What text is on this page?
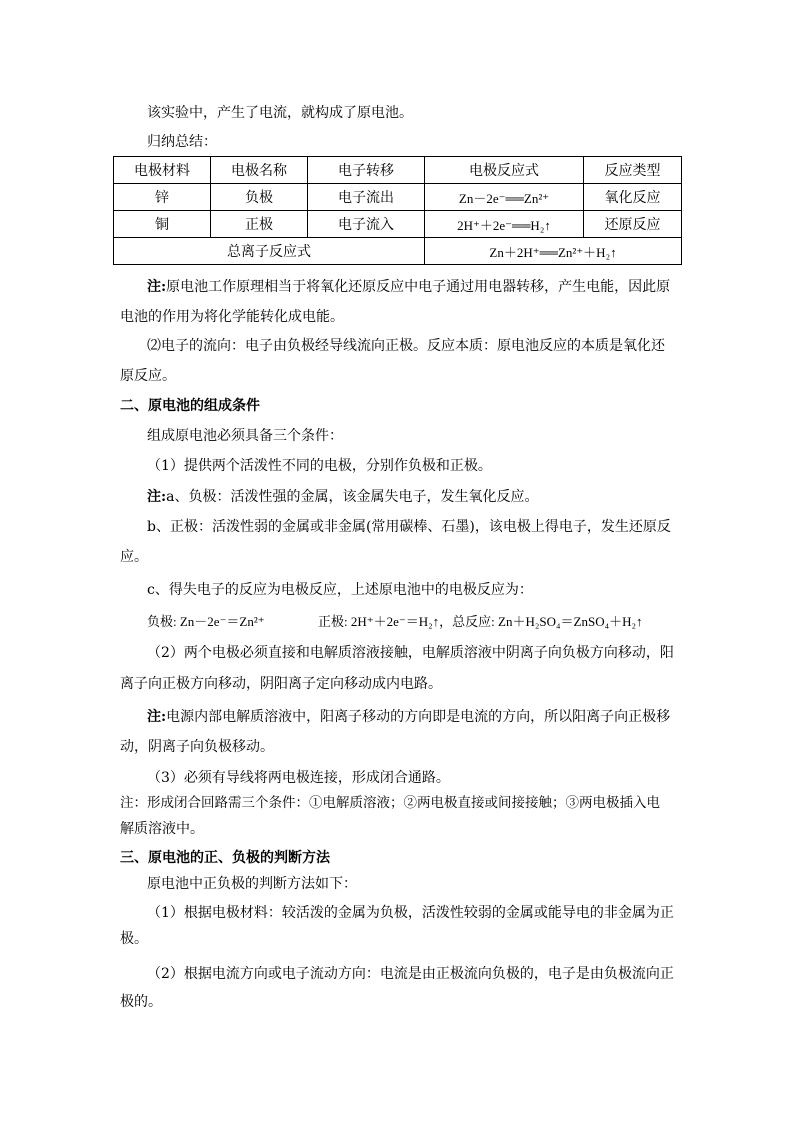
该实验中，产生了电流，就构成了原电池。
归纳总结：
电极材料	电极名称	电子转移	电极反应式	反应类型
锌	负极	电子流出	Zn－2e⁻══Zn²⁺	氧化反应
铜	正极	电子流入	2H⁺＋2e⁻══H₂↑	还原反应
总离子反应式			Zn＋2H⁺══Zn²⁺＋H₂↑	
注:原电池工作原理相当于将氧化还原反应中电子通过用电器转移，产生电能，因此原
电池的作用为将化学能转化成电能。
⑵电子的流向：电子由负极经导线流向正极。反应本质：原电池反应的本质是氧化还
原反应。
二、原电池的组成条件
组成原电池必须具备三个条件：
（1）提供两个活泼性不同的电极，分别作负极和正极。
注:a、负极：活泼性强的金属，该金属失电子，发生氧化反应。
b、正极：活泼性弱的金属或非金属(常用碳棒、石墨)，该电极上得电子，发生还原反
应。
c、得失电子的反应为电极反应，上述原电池中的电极反应为：
负极: Zn－2e⁻＝Zn²⁺	正极: 2H⁺＋2e⁻＝H₂↑，总反应: Zn＋H₂SO₄＝ZnSO₄＋H₂↑
（2）两个电极必须直接和电解质溶液接触，电解质溶液中阴离子向负极方向移动，阳
离子向正极方向移动，阴阳离子定向移动成内电路。
注:电源内部电解质溶液中，阳离子移动的方向即是电流的方向，所以阳离子向正极移
动，阴离子向负极移动。
（3）必须有导线将两电极连接，形成闭合通路。
注：形成闭合回路需三个条件：①电解质溶液；②两电极直接或间接接触；③两电极插入电
解质溶液中。
三、原电池的正、负极的判断方法
原电池中正负极的判断方法如下：
（1）根据电极材料：较活泼的金属为负极，活泼性较弱的金属或能导电的非金属为正
极。
（2）根据电流方向或电子流动方向：电流是由正极流向负极的，电子是由负极流向正
极的。
